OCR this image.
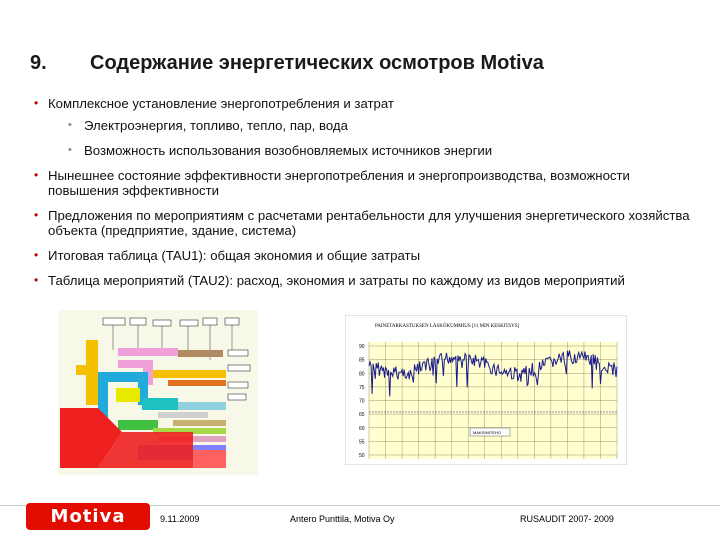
9. Содержание энергетических осмотров Motiva
• Комплексное установление энергопотребления и затрат
• Электроэнергия, топливо, тепло, пар, вода
• Возможность использования возобновляемых источников энергии
• Нынешнее состояние эффективности энергопотребления и энергопроизводства, возможности повышения эффективности
• Предложения по мероприятиям с расчетами рентабельности для улучшения энергетического хозяйства объекта (предприятие, здание, система)
• Итоговая таблица (TAU1): общая экономия и общие затраты
• Таблица мероприятий (TAU2): расход, экономия и затраты по каждому из видов мероприятий
PAINETARKASTUKSEN LÄSKÖKUMMIUS [11 MIN KESKITSYS]
90
85
80
75
70
65
60
55
50
MAKSIMITEHO
Motiva	9.11.2009	Antero Punttila, Motiva Oy	RUSAUDIT 2007- 2009
